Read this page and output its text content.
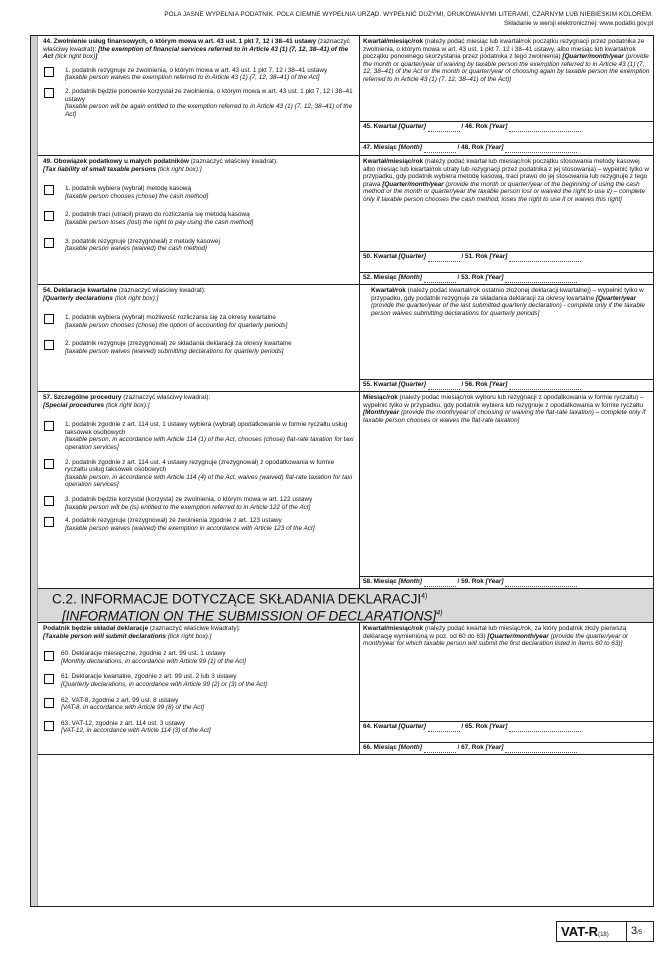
POLA JASNE WYPEŁNIA PODATNIK. POLA CIEMNE WYPEŁNIA URZĄD. WYPEŁNIĆ DUŻYMI, DRUKOWANYMI LITERAMI, CZARNYM LUB NIEBIESKIM KOLOREM.
Składanie w wersji elektronicznej: www.podatki.gov.pl
44. Zwolnienie usług finansowych, o którym mowa w art. 43 ust. 1 pkt 7, 12 i 38–41 ustawy (zaznaczyć właściwy kwadrat): [the exemption of financial services referred to in Article 43 (1) (7, 12, 38–41) of the Act (tick right box)]
1. podatnik rezygnuje ze zwolnienia, o którym mowa w art. 43 ust. 1 pkt 7, 12 i 38–41 ustawy
[taxable person waives the exemption referred to in Article 43 (1) (7, 12, 38–41) of the Act]
2. podatnik będzie ponownie korzystał ze zwolnienia, o którym mowa w art. 43 ust. 1 pkt 7, 12 i 38–41 ustawy
[taxable person will be again entitled to the exemption referred to in Article 43 (1) (7, 12, 38–41) of the Act]
Kwartał/miesiąc/rok (należy podać miesiąc lub kwartał/rok początku rezygnacji przez podatnika ze zwolnienia, o którym mowa w art. 43 ust. 1 pkt 7, 12 i 38–41 ustawy, albo miesiąc lub kwartał/rok początku ponownego skorzystania przez podatnika z tego zwolnienia) [Quarter/month/year (provide the month or quarter/year of waiving by taxable person the exemption referred to in Article 43 (1) (7, 12, 38–41) of the Act or the month or quarter/year of choosing again by taxable person the exemption referred to in Article 43 (1) (7, 12, 38–41) of the Act)]
45. Kwartał [Quarter]	/ 46. Rok [Year]
47. Miesiąc [Month]	/ 48. Rok [Year]
49. Obowiązek podatkowy u małych podatników (zaznaczyć właściwy kwadrat):
[Tax liability of small taxable persons (tick right box):]
1. podatnik wybiera (wybrał) metodę kasową
[taxable person chooses (chose) the cash method]
2. podatnik traci (utracił) prawo do rozliczania się metodą kasową
[taxable person loses (lost) the right to pay using the cash method]
3. podatnik rezygnuje (zrezygnował) z metody kasowej
[taxable person waives (waived) the cash method]
Kwartał/miesiąc/rok (należy podać kwartał lub miesiąc/rok początku stosowania metody kasowej albo miesiąc lub kwartał/rok utraty lub rezygnacji przez podatnika z jej stosowania) – wypełnić tylko w przypadku, gdy podatnik wybiera metodę kasową, traci prawo do jej stosowania lub rezygnuje z tego prawa [Quarter/month/year (provide the month or quarter/year of the beginning of using the cash method or the month or quarter/year the taxable person lost or waived the right to use it) – complete only if taxable person chooses the cash method, loses the right to use it or waives this right]
50. Kwartał [Quarter]	/ 51. Rok [Year]
52. Miesiąc [Month]	/ 53. Rok [Year]
54. Deklaracje kwartalne (zaznaczyć właściwy kwadrat):
[Quarterly declarations (tick right box):]
1. podatnik wybiera (wybrał) możliwość rozliczania się za okresy kwartalne
[taxable person chooses (chose) the option of accounting for quarterly periods]
2. podatnik rezygnuje (zrezygnował) ze składania deklaracji za okresy kwartalne
[taxable person waives (waived) submitting declarations for quarterly periods]
Kwartał/rok (należy podać kwartał/rok ostatnio złożonej deklaracji kwartalnej) – wypełnić tylko w przypadku, gdy podatnik rezygnuje ze składania deklaracji za okresy kwartalne [Quarter/year (provide the quarter/year of the last submitted quarterly declaration) - complete only if the taxable person waives submitting declarations for quarterly periods]
55. Kwartał [Quarter]	/ 56. Rok [Year]
57. Szczególne procedury (zaznaczyć właściwy kwadrat):
[Special procedures (tick right box):]
1. podatnik zgodnie z art. 114 ust. 1 ustawy wybiera (wybrał) opodatkowanie w formie ryczałtu usług taksówek osobowych
[taxable person, in accordance with Article 114 (1) of the Act, chooses (chose) flat-rate taxation for taxi operation services]
2. podatnik zgodnie z art. 114 ust. 4 ustawy rezygnuje (zrezygnował) z opodatkowania w formie ryczałtu usług taksówek osobowych
[taxable person, in accordance with Article 114 (4) of the Act, waives (waived) flat-rate taxation for taxi operation services]
3. podatnik będzie korzystał (korzysta) ze zwolnienia, o którym mowa w art. 122 ustawy
[taxable person will be (is) entitled to the exemption referred to in Article 122 of the Act]
4. podatnik rezygnuje (zrezygnował) ze zwolnienia zgodnie z art. 123 ustawy
[taxable person waives (waived) the exemption in accordance with Article 123 of the Act]
Miesiąc/rok (należy podać miesiąc/rok wyboru lub rezygnacji z opodatkowania w formie ryczałtu) – wypełnić tylko w przypadku, gdy podatnik wybiera lub rezygnuje z opodatkowania w formie ryczałtu [Month/year (provide the month/year of choosing or waiving the flat-rate taxation) – complete only if taxable person chooses or waives the flat-rate taxation]
58. Miesiąc [Month]	/ 59. Rok [Year]
C.2. INFORMACJE DOTYCZĄCE SKŁADANIA DEKLARACJI$^{4)}$
[INFORMATION ON THE SUBMISSION OF DECLARATIONS]$^{4)}$
Podatnik będzie składał deklaracje (zaznaczyć właściwe kwadraty):
[Taxable person will submit declarations (tick right box):]
60. Deklaracje miesięczne, zgodnie z art. 99 ust. 1 ustawy
[Monthly declarations, in accordance with Article 99 (1) of the Act]
61. Deklaracje kwartalne, zgodnie z art. 99 ust. 2 lub 3 ustawy
[Quarterly declarations, in accordance with Article 99 (2) or (3) of the Act]
62. VAT-8, zgodnie z art. 99 ust. 8 ustawy
[VAT-8, in accordance with Article 99 (8) of the Act]
63. VAT-12, zgodnie z art. 114 ust. 3 ustawy
[VAT-12, in accordance with Article 114 (3) of the Act]
Kwartał/miesiąc/rok (należy podać kwartał lub miesiąc/rok, za który podatnik złoży pierwszą deklarację wymienioną w poz. od 60 do 63) [Quarter/month/year (provide the quarter/year or month/year for which taxable person will submit the first declaration listed in items 60 to 63)]
64. Kwartał [Quarter]	/ 65. Rok [Year]
66. Miesiąc [Month]	/ 67. Rok [Year]
VAT-R(18)	3/5
